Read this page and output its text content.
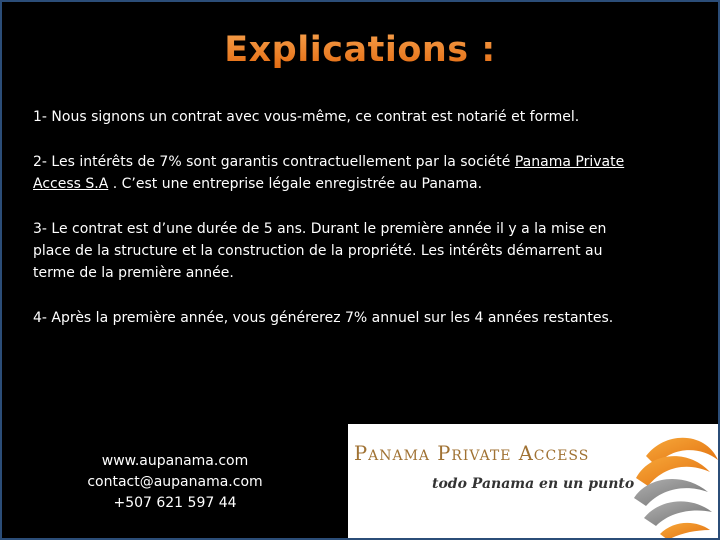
Explications :

1- Nous signons un contrat avec vous-même, ce contrat est notarié et formel.

2- Les intérêts de 7% sont garantis contractuellement par la société Panama Private Access S.A . C’est une entreprise légale enregistrée au Panama.

3- Le contrat est d’une durée de 5 ans. Durant le première année il y a la mise en place de la structure et la construction de la propriété. Les intérêts démarrent au terme de la première année.

4- Après la première année, vous générerez 7% annuel sur les 4 années restantes.

www.aupanama.com
contact@aupanama.com
+507 621 597 44
Panama Private Access
todo Panama en un punto
